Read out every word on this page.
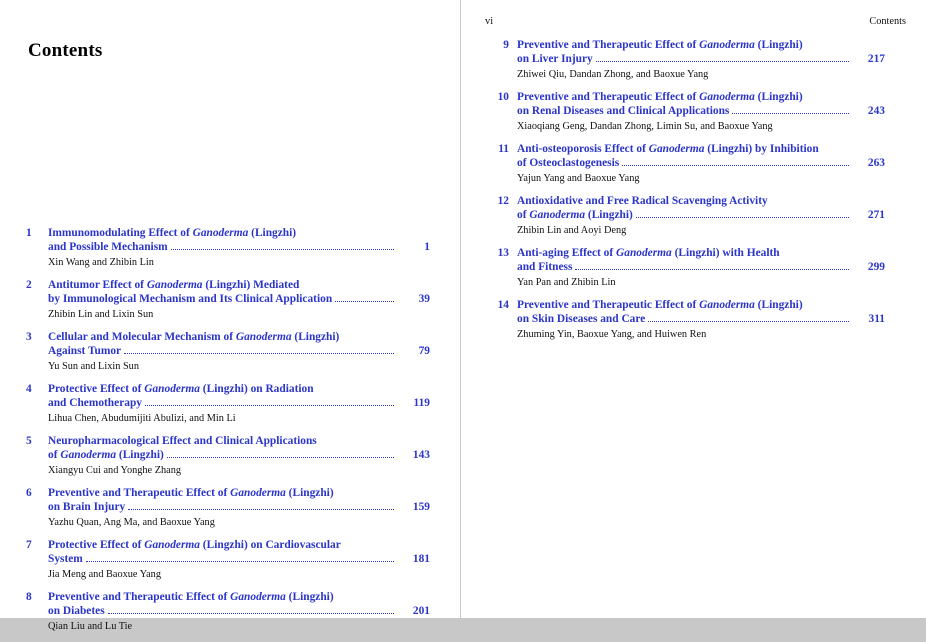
Contents
1	Immunomodulating Effect of Ganoderma (Lingzhi)
and Possible Mechanism	1
Xin Wang and Zhibin Lin
2	Antitumor Effect of Ganoderma (Lingzhi) Mediated
by Immunological Mechanism and Its Clinical Application	39
Zhibin Lin and Lixin Sun
3	Cellular and Molecular Mechanism of Ganoderma (Lingzhi)
Against Tumor	79
Yu Sun and Lixin Sun
4	Protective Effect of Ganoderma (Lingzhi) on Radiation
and Chemotherapy	119
Lihua Chen, Abudumijiti Abulizi, and Min Li
5	Neuropharmacological Effect and Clinical Applications
of Ganoderma (Lingzhi)	143
Xiangyu Cui and Yonghe Zhang
6	Preventive and Therapeutic Effect of Ganoderma (Lingzhi)
on Brain Injury	159
Yazhu Quan, Ang Ma, and Baoxue Yang
7	Protective Effect of Ganoderma (Lingzhi) on Cardiovascular
System	181
Jia Meng and Baoxue Yang
8	Preventive and Therapeutic Effect of Ganoderma (Lingzhi)
on Diabetes	201
Qian Liu and Lu Tie
vi	Contents
9 Preventive and Therapeutic Effect of Ganoderma (Lingzhi)
on Liver Injury	217
Zhiwei Qiu, Dandan Zhong, and Baoxue Yang
10 Preventive and Therapeutic Effect of Ganoderma (Lingzhi)
on Renal Diseases and Clinical Applications	243
Xiaoqiang Geng, Dandan Zhong, Limin Su, and Baoxue Yang
11 Anti-osteoporosis Effect of Ganoderma (Lingzhi) by Inhibition
of Osteoclastogenesis	263
Yajun Yang and Baoxue Yang
12 Antioxidative and Free Radical Scavenging Activity
of Ganoderma (Lingzhi)	271
Zhibin Lin and Aoyi Deng
13 Anti-aging Effect of Ganoderma (Lingzhi) with Health
and Fitness	299
Yan Pan and Zhibin Lin
14 Preventive and Therapeutic Effect of Ganoderma (Lingzhi)
on Skin Diseases and Care	311
Zhuming Yin, Baoxue Yang, and Huiwen Ren
